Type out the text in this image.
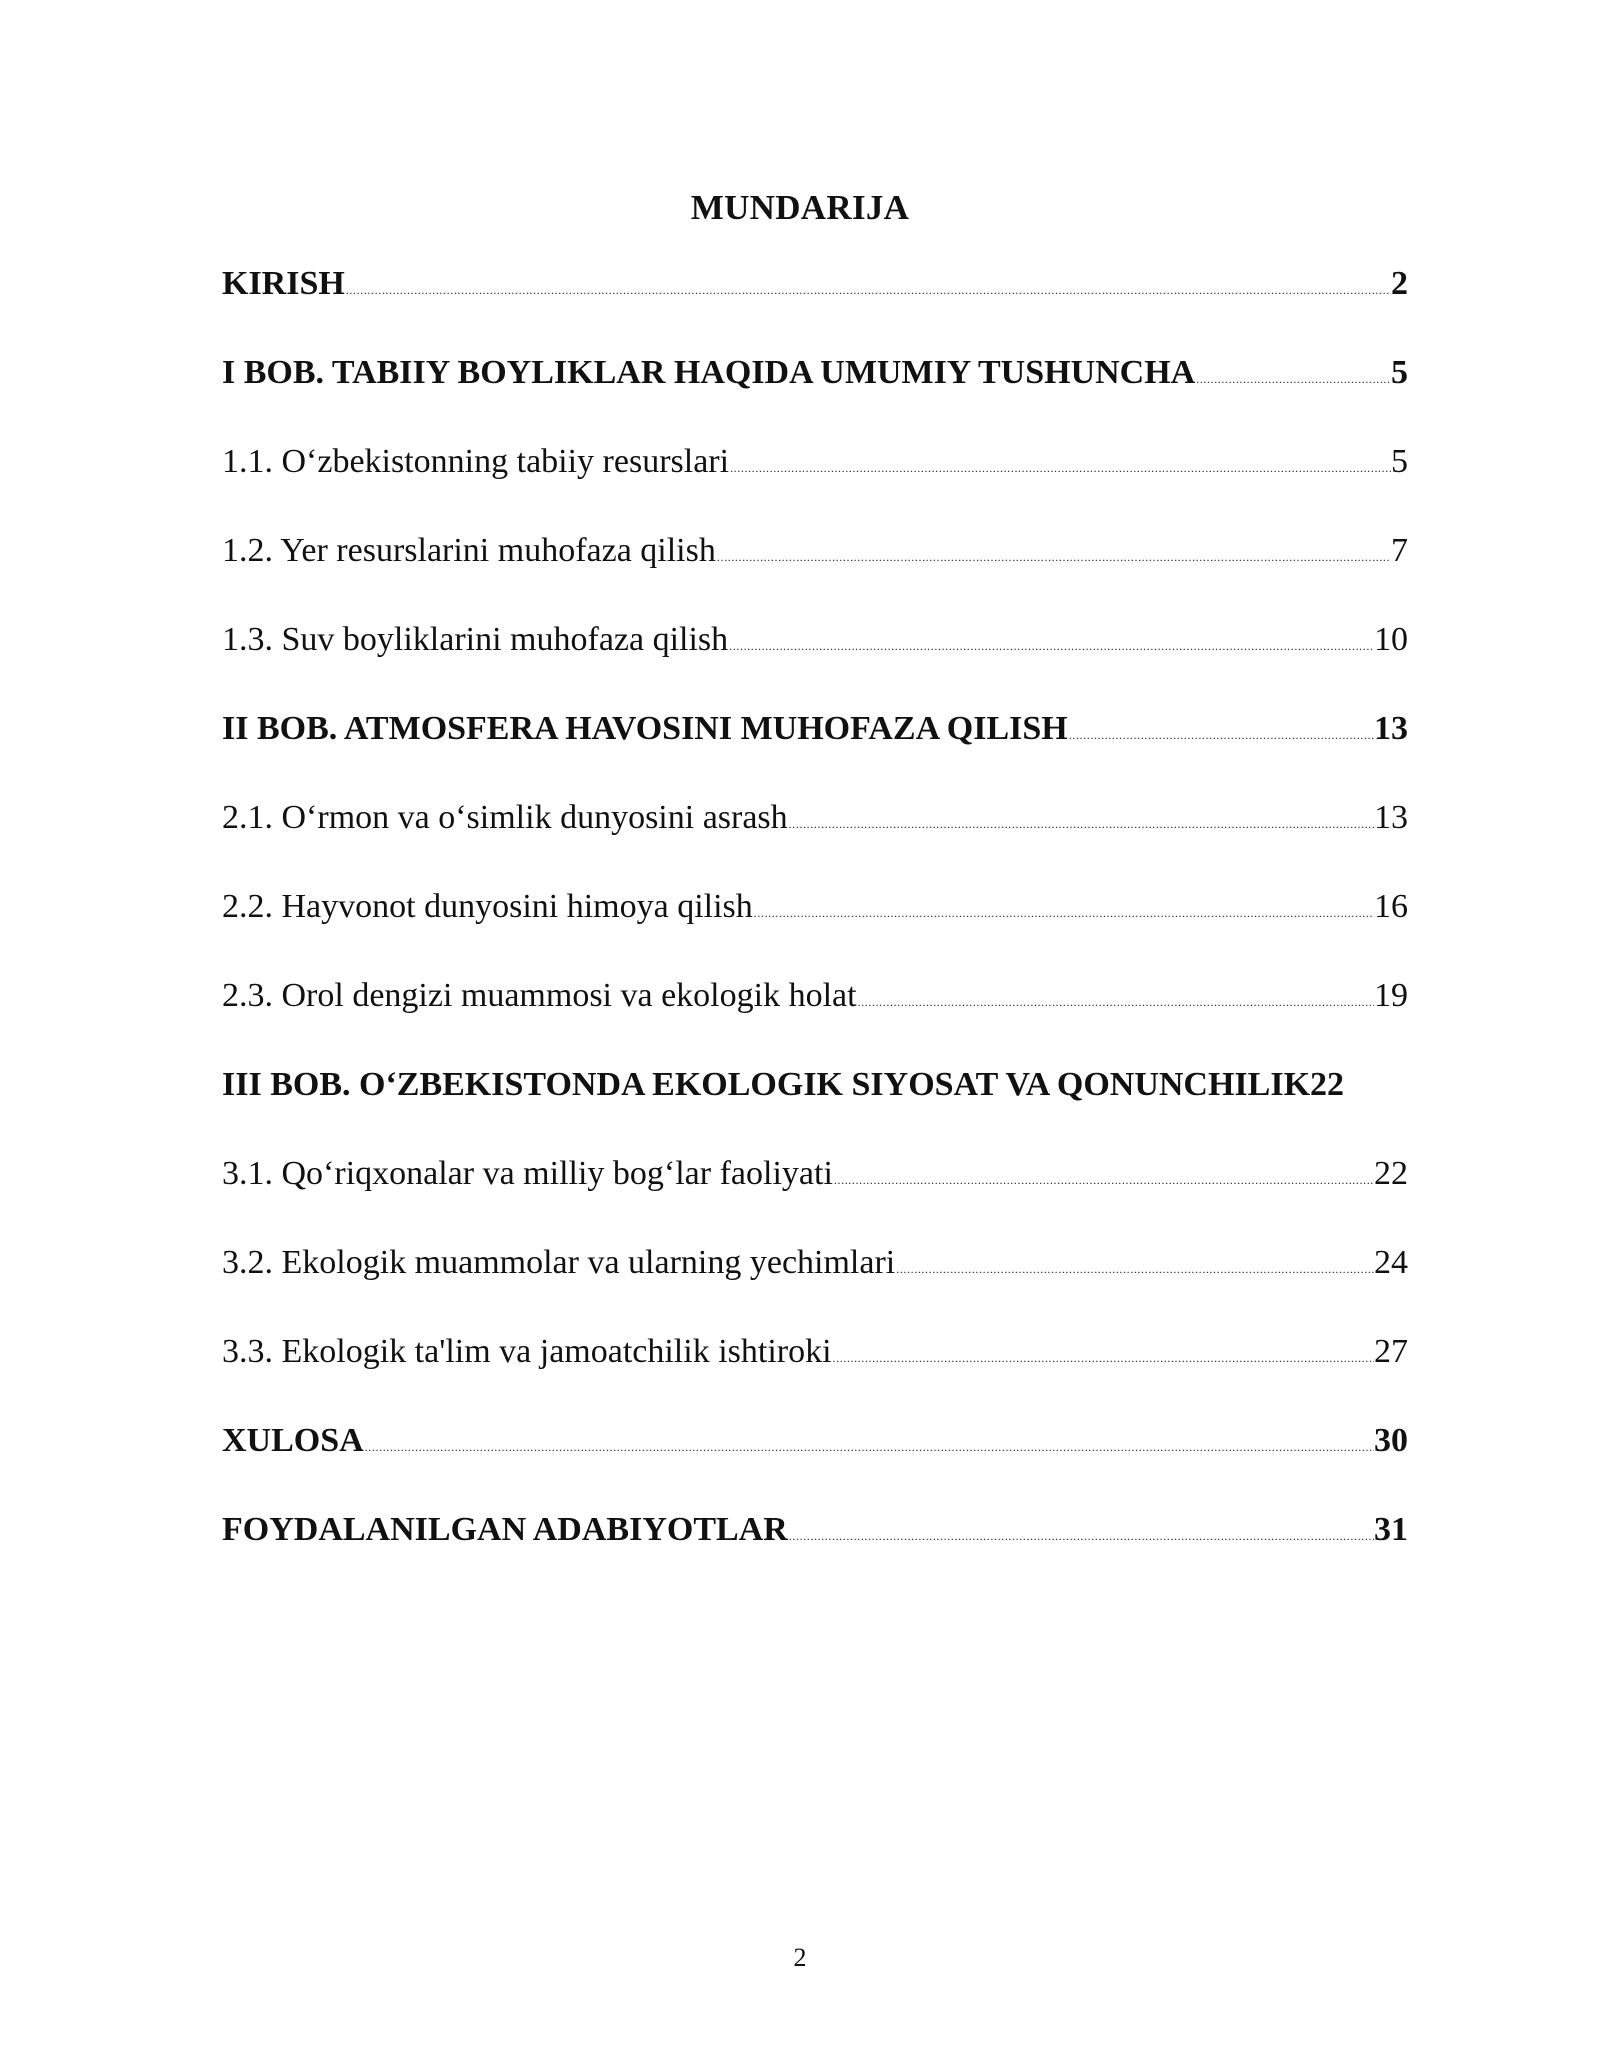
MUNDARIJA
KIRISH .....	2
I BOB. TABIIY BOYLIKLAR HAQIDA UMUMIY TUSHUNCHA .....	5
1.1. O‘zbekistonning tabiiy resurslari .....	5
1.2. Yer resurslarini muhofaza qilish .....	7
1.3. Suv boyliklarini muhofaza qilish .....	10
II BOB. ATMOSFERA HAVOSINI MUHOFAZA QILISH .....	13
2.1. O‘rmon va o‘simlik dunyosini asrash .....	13
2.2. Hayvonot dunyosini himoya qilish .....	16
2.3. Orol dengizi muammosi va ekologik holat .....	19
III BOB. O‘ZBEKISTONDA EKOLOGIK SIYOSAT VA QONUNCHILIK 22
3.1. Qo‘riqxonalar va milliy bog‘lar faoliyati .....	22
3.2. Ekologik muammolar va ularning yechimlari .....	24
3.3. Ekologik ta'lim va jamoatchilik ishtiroki .....	27
XULOSA .....	30
FOYDALANILGAN ADABIYOTLAR .....	31
2
